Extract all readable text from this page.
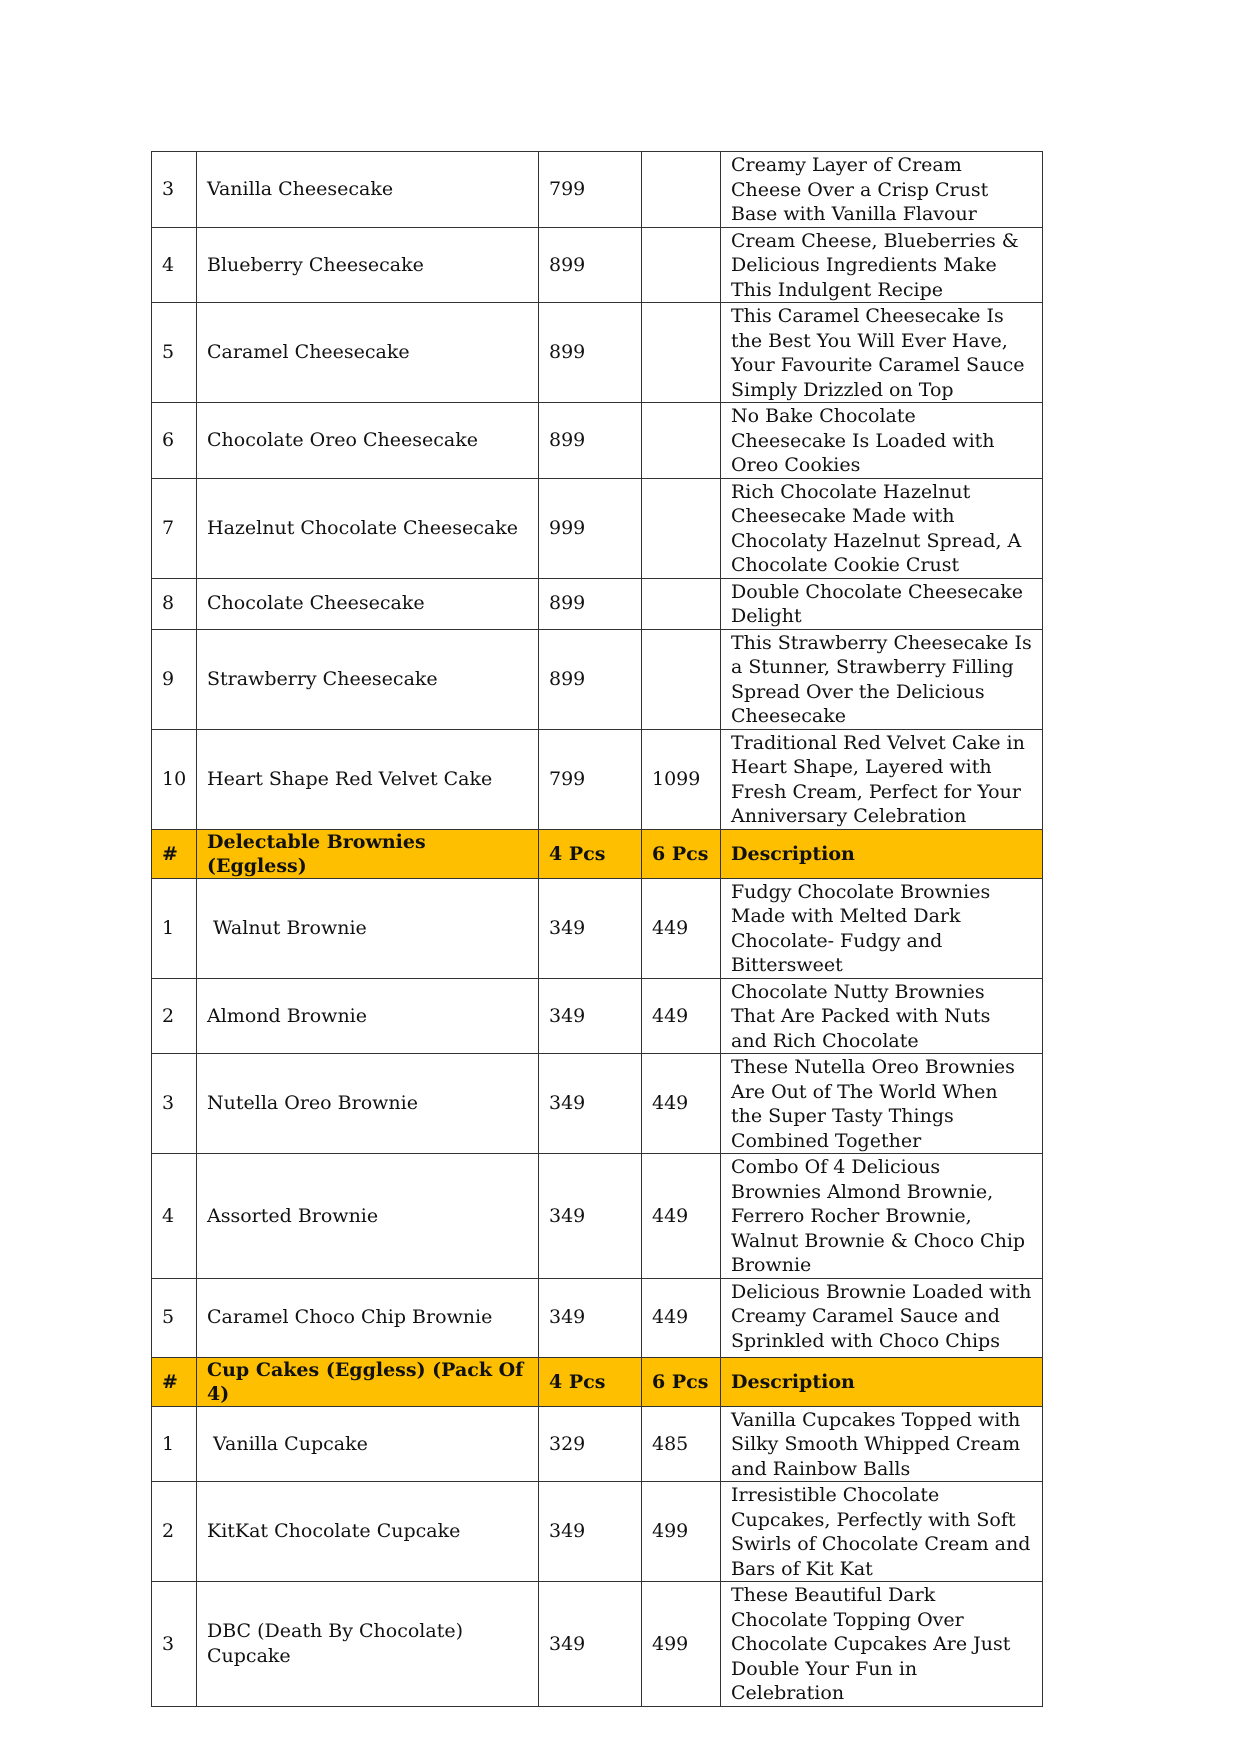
3	Vanilla Cheesecake	799		Creamy Layer of Cream Cheese Over a Crisp Crust Base with Vanilla Flavour
4	Blueberry Cheesecake	899		Cream Cheese, Blueberries & Delicious Ingredients Make This Indulgent Recipe
5	Caramel Cheesecake	899		This Caramel Cheesecake Is the Best You Will Ever Have, Your Favourite Caramel Sauce Simply Drizzled on Top
6	Chocolate Oreo Cheesecake	899		No Bake Chocolate Cheesecake Is Loaded with Oreo Cookies
7	Hazelnut Chocolate Cheesecake	999		Rich Chocolate Hazelnut Cheesecake Made with Chocolaty Hazelnut Spread, A Chocolate Cookie Crust
8	Chocolate Cheesecake	899		Double Chocolate Cheesecake Delight
9	Strawberry Cheesecake	899		This Strawberry Cheesecake Is a Stunner, Strawberry Filling Spread Over the Delicious Cheesecake
10	Heart Shape Red Velvet Cake	799	1099	Traditional Red Velvet Cake in Heart Shape, Layered with Fresh Cream, Perfect for Your Anniversary Celebration
#	Delectable Brownies (Eggless)	4 Pcs	6 Pcs	Description
1	Walnut Brownie	349	449	Fudgy Chocolate Brownies Made with Melted Dark Chocolate- Fudgy and Bittersweet
2	Almond Brownie	349	449	Chocolate Nutty Brownies That Are Packed with Nuts and Rich Chocolate
3	Nutella Oreo Brownie	349	449	These Nutella Oreo Brownies Are Out of The World When the Super Tasty Things Combined Together
4	Assorted Brownie	349	449	Combo Of 4 Delicious Brownies Almond Brownie, Ferrero Rocher Brownie, Walnut Brownie & Choco Chip Brownie
5	Caramel Choco Chip Brownie	349	449	Delicious Brownie Loaded with Creamy Caramel Sauce and Sprinkled with Choco Chips
#	Cup Cakes (Eggless) (Pack Of 4)	4 Pcs	6 Pcs	Description
1	Vanilla Cupcake	329	485	Vanilla Cupcakes Topped with Silky Smooth Whipped Cream and Rainbow Balls
2	KitKat Chocolate Cupcake	349	499	Irresistible Chocolate Cupcakes, Perfectly with Soft Swirls of Chocolate Cream and Bars of Kit Kat
3	DBC (Death By Chocolate) Cupcake	349	499	These Beautiful Dark Chocolate Topping Over Chocolate Cupcakes Are Just Double Your Fun in Celebration
